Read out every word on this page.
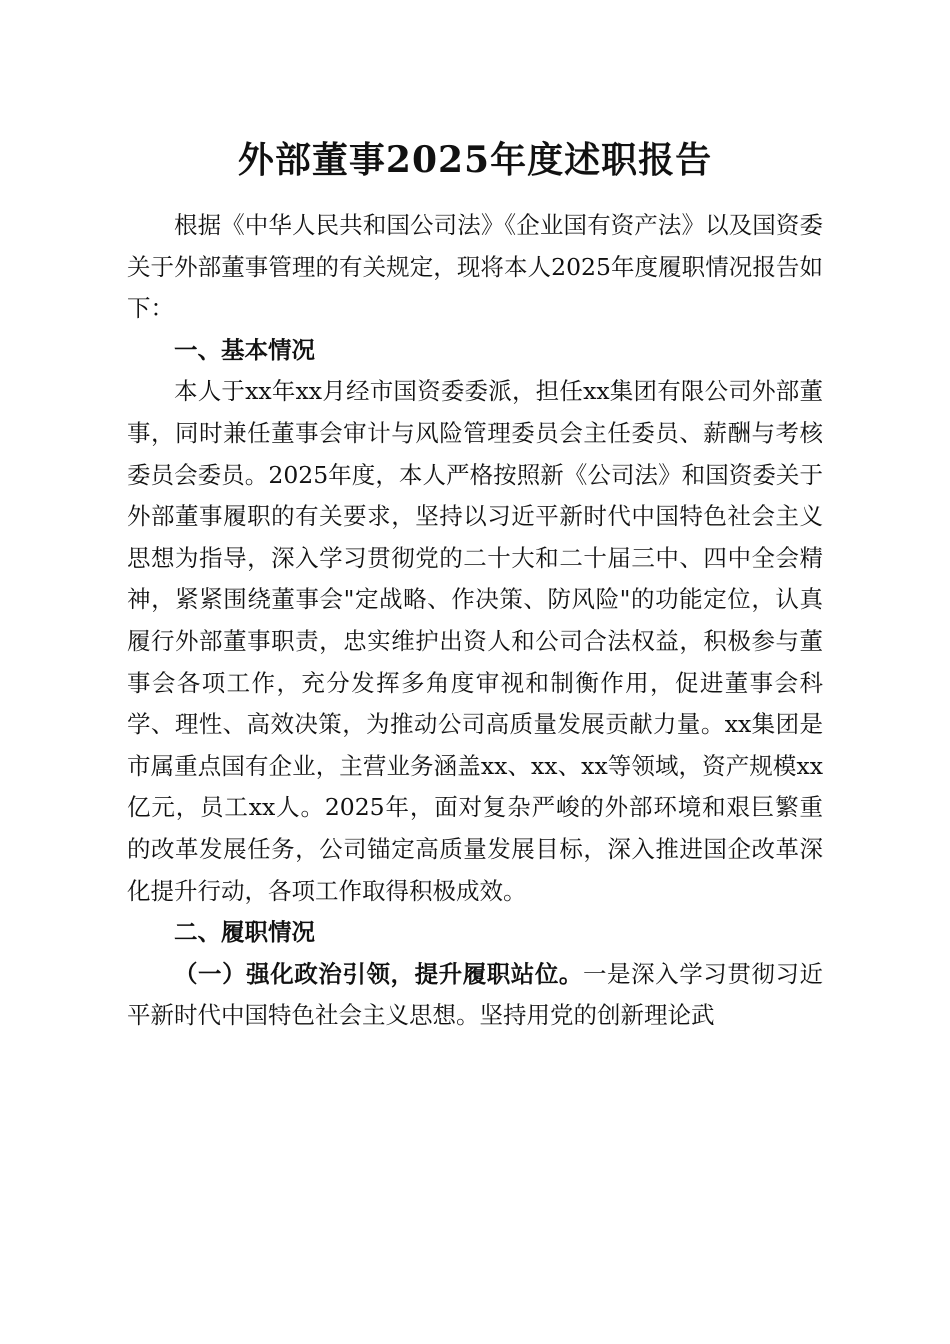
外部董事2025年度述职报告

根据《中华人民共和国公司法》《企业国有资产法》以及国资委关于外部董事管理的有关规定，现将本人2025年度履职情况报告如下：

一、基本情况

本人于xx年xx月经市国资委委派，担任xx集团有限公司外部董事，同时兼任董事会审计与风险管理委员会主任委员、薪酬与考核委员会委员。2025年度，本人严格按照新《公司法》和国资委关于外部董事履职的有关要求，坚持以习近平新时代中国特色社会主义思想为指导，深入学习贯彻党的二十大和二十届三中、四中全会精神，紧紧围绕董事会"定战略、作决策、防风险"的功能定位，认真履行外部董事职责，忠实维护出资人和公司合法权益，积极参与董事会各项工作，充分发挥多角度审视和制衡作用，促进董事会科学、理性、高效决策，为推动公司高质量发展贡献力量。xx集团是市属重点国有企业，主营业务涵盖xx、xx、xx等领域，资产规模xx亿元，员工xx人。2025年，面对复杂严峻的外部环境和艰巨繁重的改革发展任务，公司锚定高质量发展目标，深入推进国企改革深化提升行动，各项工作取得积极成效。

二、履职情况

（一）强化政治引领，提升履职站位。一是深入学习贯彻习近平新时代中国特色社会主义思想。坚持用党的创新理论武
